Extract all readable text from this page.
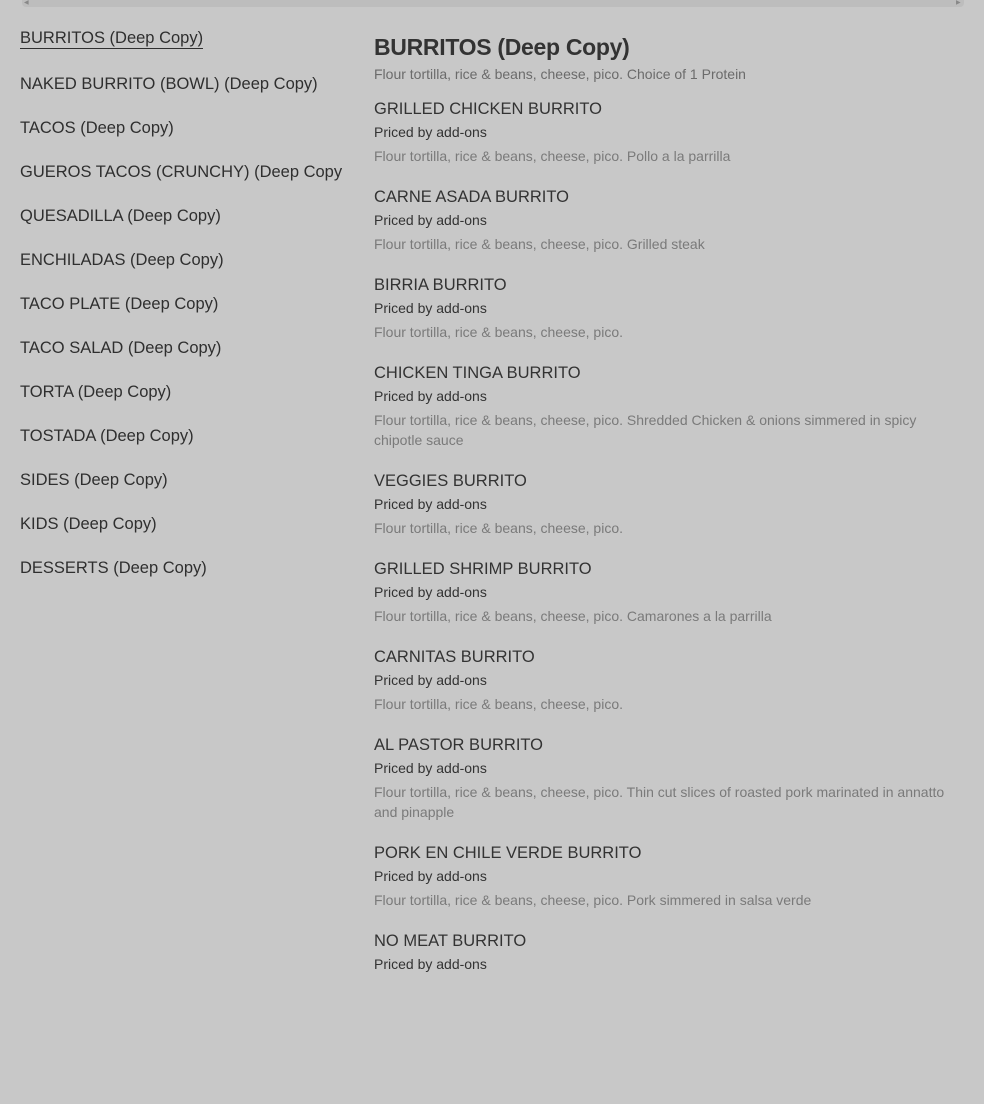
◀	▶
BURRITOS (Deep Copy)
NAKED BURRITO (BOWL) (Deep Copy)
TACOS (Deep Copy)
GUEROS TACOS (CRUNCHY) (Deep Copy
QUESADILLA (Deep Copy)
ENCHILADAS (Deep Copy)
TACO PLATE (Deep Copy)
TACO SALAD (Deep Copy)
TORTA (Deep Copy)
TOSTADA (Deep Copy)
SIDES (Deep Copy)
KIDS (Deep Copy)
DESSERTS (Deep Copy)
BURRITOS (Deep Copy)

Flour tortilla, rice & beans, cheese, pico. Choice of 1 Protein

GRILLED CHICKEN BURRITO

Priced by add-ons

Flour tortilla, rice & beans, cheese, pico. Pollo a la parrilla

CARNE ASADA BURRITO

Priced by add-ons

Flour tortilla, rice & beans, cheese, pico. Grilled steak

BIRRIA BURRITO

Priced by add-ons

Flour tortilla, rice & beans, cheese, pico.

CHICKEN TINGA BURRITO

Priced by add-ons

Flour tortilla, rice & beans, cheese, pico. Shredded Chicken & onions simmered in spicy chipotle sauce

VEGGIES BURRITO

Priced by add-ons

Flour tortilla, rice & beans, cheese, pico.

GRILLED SHRIMP BURRITO

Priced by add-ons

Flour tortilla, rice & beans, cheese, pico. Camarones a la parrilla

CARNITAS BURRITO

Priced by add-ons

Flour tortilla, rice & beans, cheese, pico.

AL PASTOR BURRITO

Priced by add-ons

Flour tortilla, rice & beans, cheese, pico. Thin cut slices of roasted pork marinated in annatto and pinapple

PORK EN CHILE VERDE BURRITO

Priced by add-ons

Flour tortilla, rice & beans, cheese, pico. Pork simmered in salsa verde

NO MEAT BURRITO

Priced by add-ons
